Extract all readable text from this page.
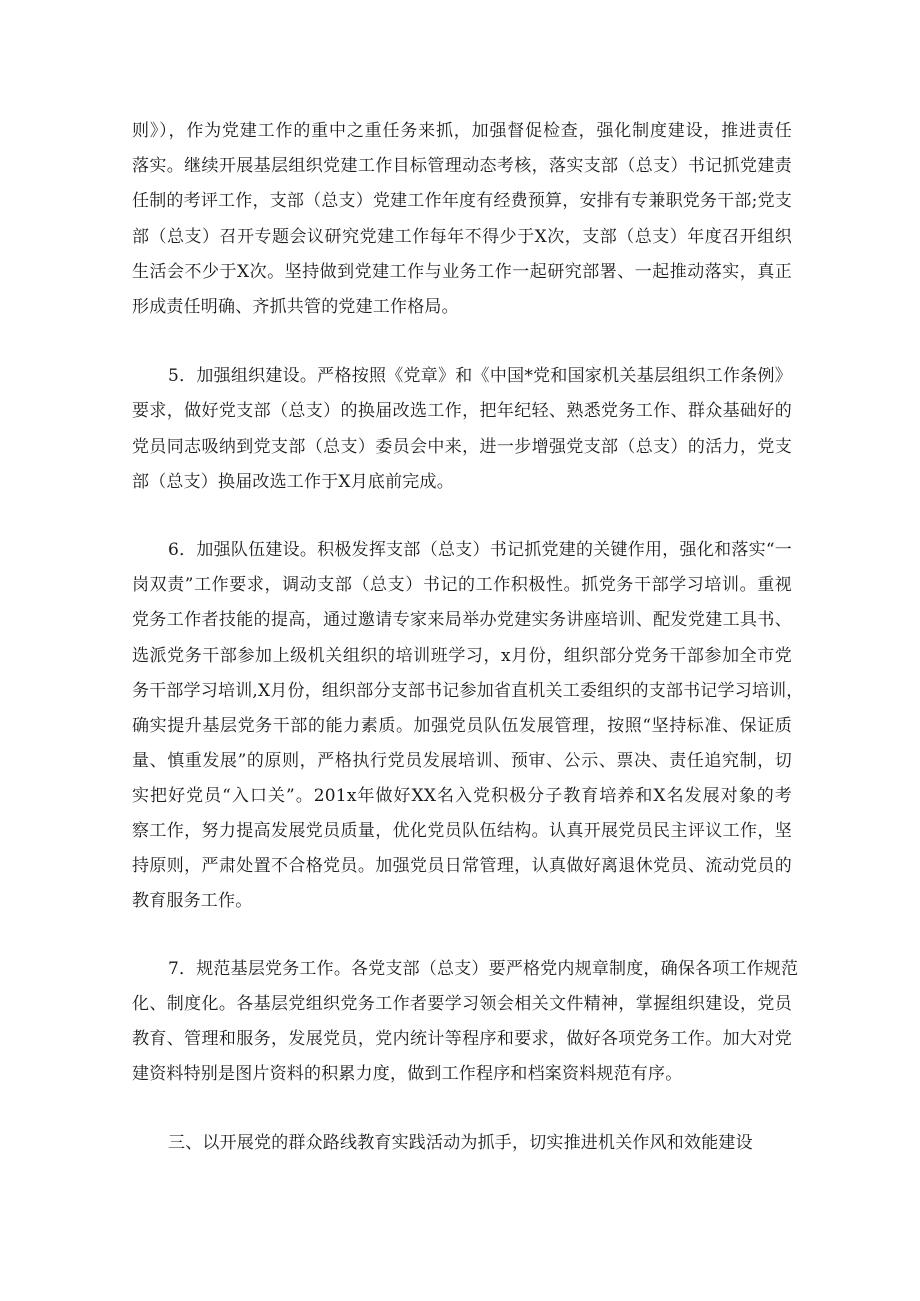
则》），作为党建工作的重中之重任务来抓，加强督促检查，强化制度建设，推进责任
落实。继续开展基层组织党建工作目标管理动态考核，落实支部（总支）书记抓党建责
任制的考评工作，支部（总支）党建工作年度有经费预算，安排有专兼职党务干部;党支
部（总支）召开专题会议研究党建工作每年不得少于X次，支部（总支）年度召开组织
生活会不少于X次。坚持做到党建工作与业务工作一起研究部署、一起推动落实，真正
形成责任明确、齐抓共管的党建工作格局。
5．加强组织建设。严格按照《党章》和《中国*党和国家机关基层组织工作条例》
要求，做好党支部（总支）的换届改选工作，把年纪轻、熟悉党务工作、群众基础好的
党员同志吸纳到党支部（总支）委员会中来，进一步增强党支部（总支）的活力，党支
部（总支）换届改选工作于X月底前完成。
6．加强队伍建设。积极发挥支部（总支）书记抓党建的关键作用，强化和落实“一
岗双责”工作要求，调动支部（总支）书记的工作积极性。抓党务干部学习培训。重视
党务工作者技能的提高，通过邀请专家来局举办党建实务讲座培训、配发党建工具书、
选派党务干部参加上级机关组织的培训班学习，x月份，组织部分党务干部参加全市党
务干部学习培训,X月份，组织部分支部书记参加省直机关工委组织的支部书记学习培训，
确实提升基层党务干部的能力素质。加强党员队伍发展管理，按照“坚持标准、保证质
量、慎重发展”的原则，严格执行党员发展培训、预审、公示、票决、责任追究制，切
实把好党员“入口关”。201x年做好XX名入党积极分子教育培养和X名发展对象的考
察工作，努力提高发展党员质量，优化党员队伍结构。认真开展党员民主评议工作，坚
持原则，严肃处置不合格党员。加强党员日常管理，认真做好离退休党员、流动党员的
教育服务工作。
7．规范基层党务工作。各党支部（总支）要严格党内规章制度，确保各项工作规范
化、制度化。各基层党组织党务工作者要学习领会相关文件精神，掌握组织建设，党员
教育、管理和服务，发展党员，党内统计等程序和要求，做好各项党务工作。加大对党
建资料特别是图片资料的积累力度，做到工作程序和档案资料规范有序。
三、以开展党的群众路线教育实践活动为抓手，切实推进机关作风和效能建设
